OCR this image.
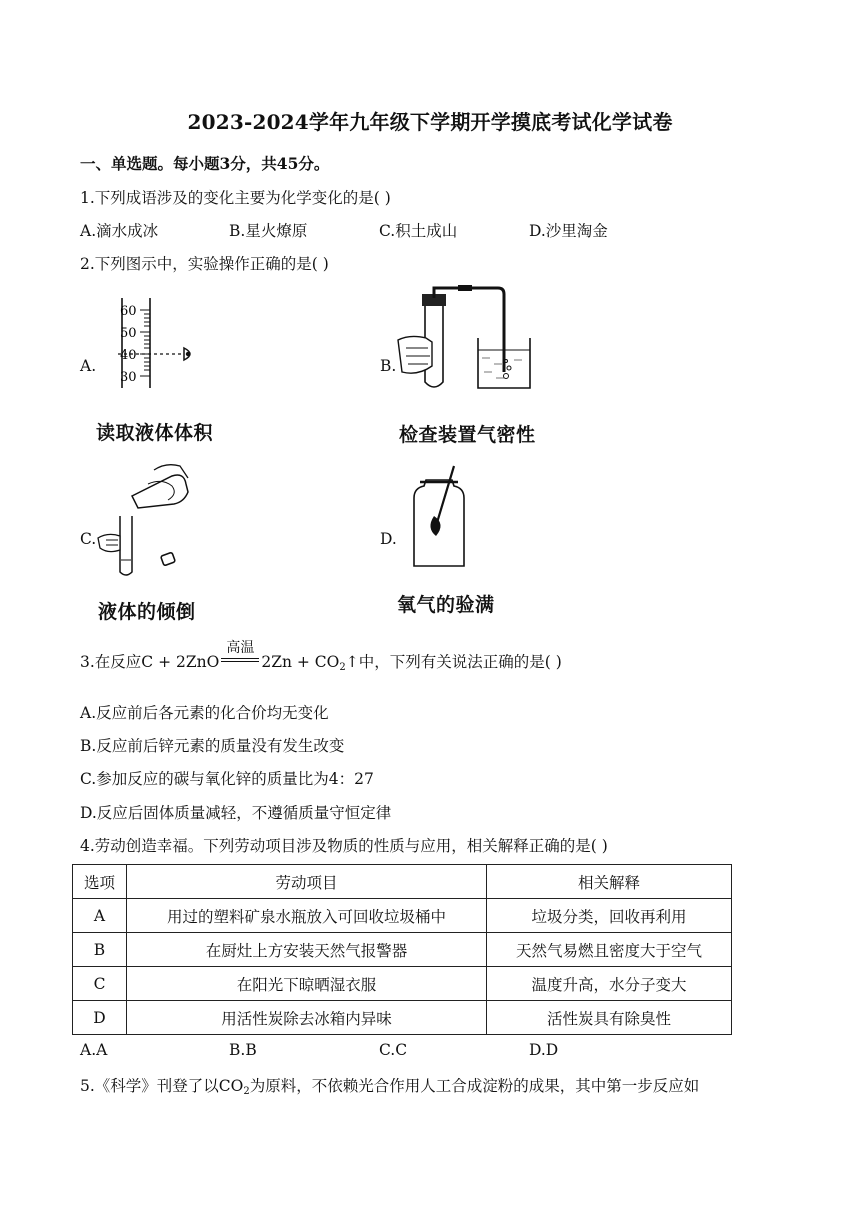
2023-2024学年九年级下学期开学摸底考试化学试卷
一、单选题。每小题3分，共45分。
1.下列成语涉及的变化主要为化学变化的是( )
A.滴水成冰	B.星火燎原	C.积土成山	D.沙里淘金
2.下列图示中，实验操作正确的是( )
A.
60
50
40
30
读取液体体积
B.
检查装置气密性
C.
液体的倾倒
D.
氧气的验满
3.在反应C + 2ZnO
高温
$2Zn + CO_2↑$中，下列有关说法正确的是( )
A.反应前后各元素的化合价均无变化
B.反应前后锌元素的质量没有发生改变
C.参加反应的碳与氧化锌的质量比为4：27
D.反应后固体质量减轻，不遵循质量守恒定律
4.劳动创造幸福。下列劳动项目涉及物质的性质与应用，相关解释正确的是( )
选项	劳动项目	相关解释
A	用过的塑料矿泉水瓶放入可回收垃圾桶中	垃圾分类，回收再利用
B	在厨灶上方安装天然气报警器	天然气易燃且密度大于空气
C	在阳光下晾晒湿衣服	温度升高，水分子变大
D	用活性炭除去冰箱内异味	活性炭具有除臭性
A.A	B.B	C.C	D.D
5.《科学》刊登了以$CO_2$为原料，不依赖光合作用人工合成淀粉的成果，其中第一步反应如
